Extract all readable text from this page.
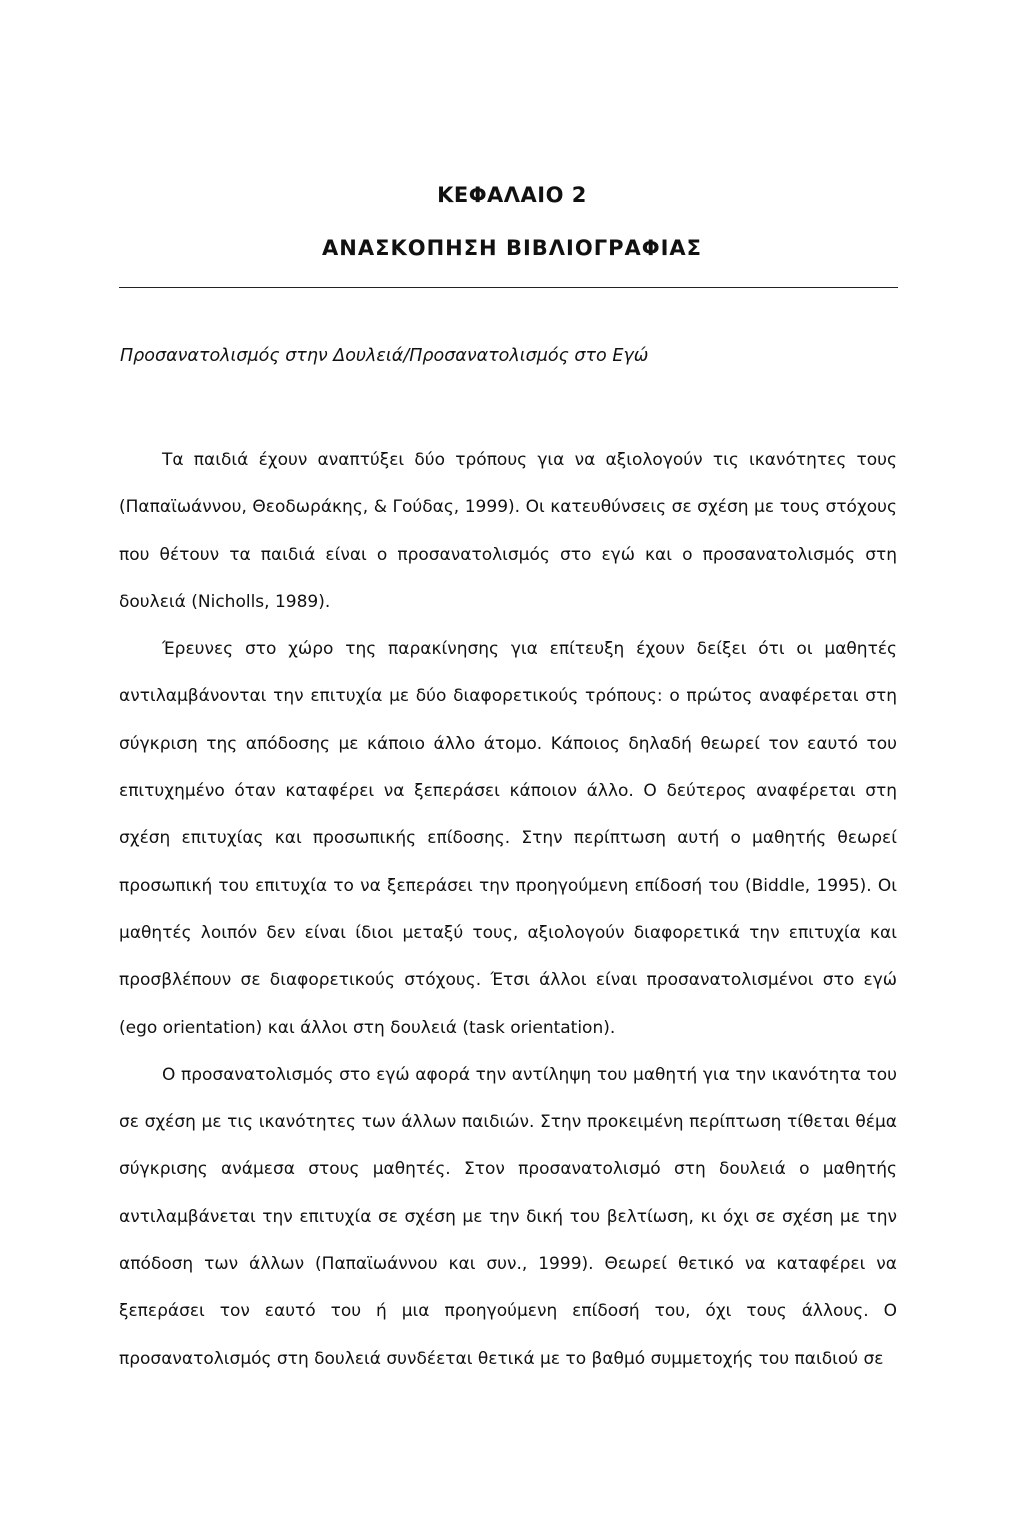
ΚΕΦΑΛΑΙΟ 2
ΑΝΑΣΚΟΠΗΣΗ ΒΙΒΛΙΟΓΡΑΦΙΑΣ
Προσανατολισμός στην Δουλειά/Προσανατολισμός στο Εγώ

Τα παιδιά έχουν αναπτύξει δύο τρόπους για να αξιολογούν τις ικανότητες τους (Παπαϊωάννου, Θεοδωράκης, & Γούδας, 1999). Οι κατευθύνσεις σε σχέση με τους στόχους που θέτουν τα παιδιά είναι ο προσανατολισμός στο εγώ και ο προσανατολισμός στη δουλειά (Nicholls, 1989).

Έρευνες στο χώρο της παρακίνησης για επίτευξη έχουν δείξει ότι οι μαθητές αντιλαμβάνονται την επιτυχία με δύο διαφορετικούς τρόπους: ο πρώτος αναφέρεται στη σύγκριση της απόδοσης με κάποιο άλλο άτομο. Κάποιος δηλαδή θεωρεί τον εαυτό του επιτυχημένο όταν καταφέρει να ξεπεράσει κάποιον άλλο. Ο δεύτερος αναφέρεται στη σχέση επιτυχίας και προσωπικής επίδοσης. Στην περίπτωση αυτή ο μαθητής θεωρεί προσωπική του επιτυχία το να ξεπεράσει την προηγούμενη επίδοσή του (Biddle, 1995). Οι μαθητές λοιπόν δεν είναι ίδιοι μεταξύ τους, αξιολογούν διαφορετικά την επιτυχία και προσβλέπουν σε διαφορετικούς στόχους. Έτσι άλλοι είναι προσανατολισμένοι στο εγώ (ego orientation) και άλλοι στη δουλειά (task orientation).

Ο προσανατολισμός στο εγώ αφορά την αντίληψη του μαθητή για την ικανότητα του σε σχέση με τις ικανότητες των άλλων παιδιών. Στην προκειμένη περίπτωση τίθεται θέμα σύγκρισης ανάμεσα στους μαθητές. Στον προσανατολισμό στη δουλειά ο μαθητής αντιλαμβάνεται την επιτυχία σε σχέση με την δική του βελτίωση, κι όχι σε σχέση με την απόδοση των άλλων (Παπαϊωάννου και συν., 1999). Θεωρεί θετικό να καταφέρει να ξεπεράσει τον εαυτό του ή μια προηγούμενη επίδοσή του, όχι τους άλλους. Ο προσανατολισμός στη δουλειά συνδέεται θετικά με το βαθμό συμμετοχής του παιδιού σε
